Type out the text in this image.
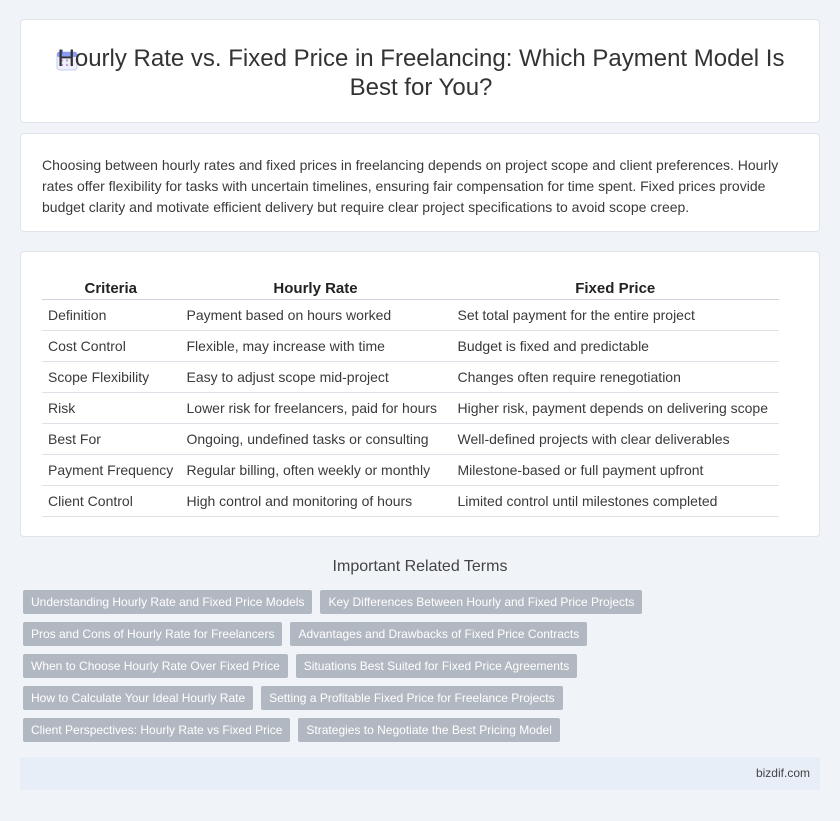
Hourly Rate vs. Fixed Price in Freelancing: Which Payment Model Is Best for You?

Choosing between hourly rates and fixed prices in freelancing depends on project scope and client preferences. Hourly rates offer flexibility for tasks with uncertain timelines, ensuring fair compensation for time spent. Fixed prices provide budget clarity and motivate efficient delivery but require clear project specifications to avoid scope creep.

Criteria	Hourly Rate	Fixed Price
Definition	Payment based on hours worked	Set total payment for the entire project
Cost Control	Flexible, may increase with time	Budget is fixed and predictable
Scope Flexibility	Easy to adjust scope mid-project	Changes often require renegotiation
Risk	Lower risk for freelancers, paid for hours	Higher risk, payment depends on delivering scope
Best For	Ongoing, undefined tasks or consulting	Well-defined projects with clear deliverables
Payment Frequency	Regular billing, often weekly or monthly	Milestone-based or full payment upfront
Client Control	High control and monitoring of hours	Limited control until milestones completed
Important Related Terms
Understanding Hourly Rate and Fixed Price Models	Key Differences Between Hourly and Fixed Price Projects
Pros and Cons of Hourly Rate for Freelancers	Advantages and Drawbacks of Fixed Price Contracts
When to Choose Hourly Rate Over Fixed Price	Situations Best Suited for Fixed Price Agreements
How to Calculate Your Ideal Hourly Rate	Setting a Profitable Fixed Price for Freelance Projects
Client Perspectives: Hourly Rate vs Fixed Price	Strategies to Negotiate the Best Pricing Model
bizdif.com
